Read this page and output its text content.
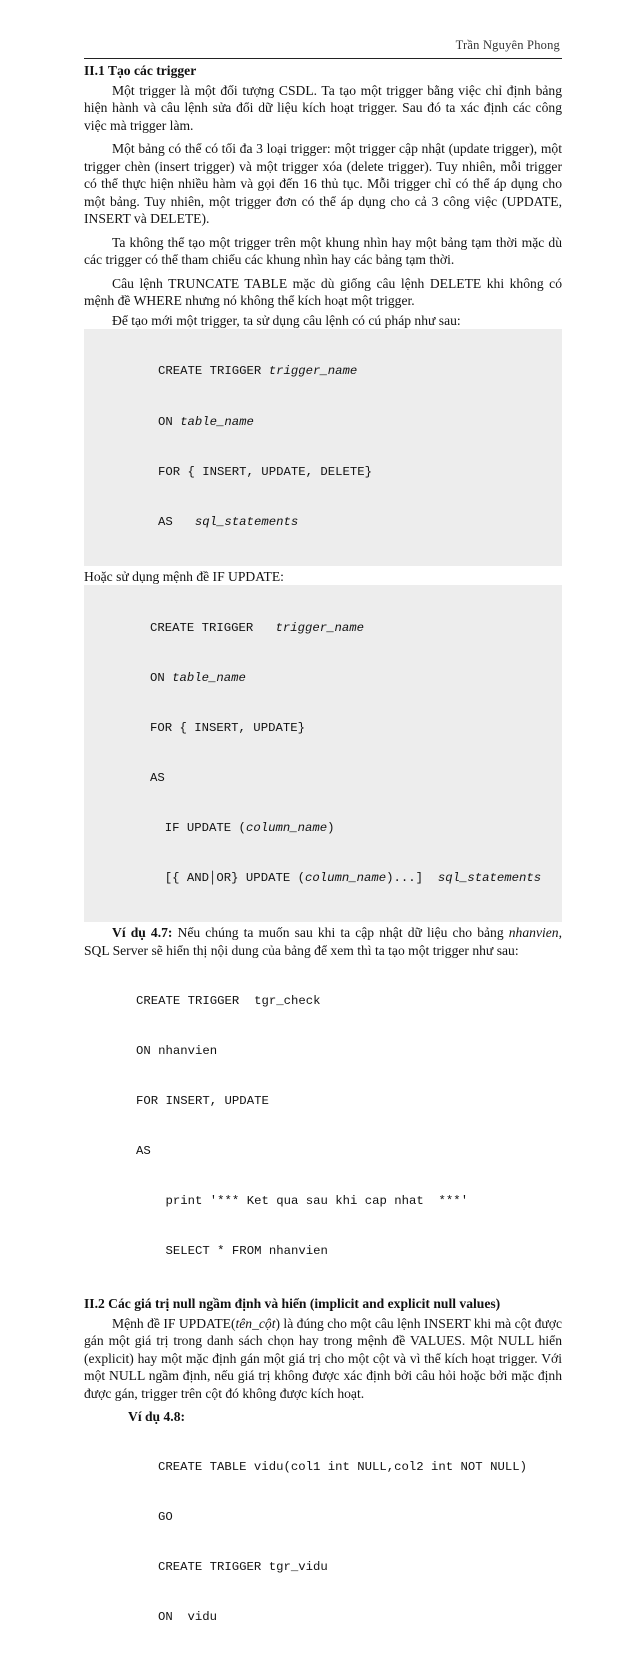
Trần Nguyên Phong
II.1 Tạo các trigger

Một trigger là một đối tượng CSDL. Ta tạo một trigger bằng việc chỉ định bảng hiện hành và câu lệnh sửa đổi dữ liệu kích hoạt trigger. Sau đó ta xác định các công việc mà trigger làm.

Một bảng có thể có tối đa 3 loại trigger: một trigger cập nhật (update trigger), một trigger chèn (insert trigger) và một trigger xóa (delete trigger). Tuy nhiên, mỗi trigger có thể thực hiện nhiều hàm và gọi đến 16 thủ tục. Mỗi trigger chỉ có thể áp dụng cho một bảng. Tuy nhiên, một trigger đơn có thể áp dụng cho cả 3 công việc (UPDATE, INSERT và DELETE).

Ta không thể tạo một trigger trên một khung nhìn hay một bảng tạm thời mặc dù các trigger có thể tham chiếu các khung nhìn hay các bảng tạm thời.

Câu lệnh TRUNCATE TABLE mặc dù giống câu lệnh DELETE khi không có mệnh đề WHERE nhưng nó không thể kích hoạt một trigger.

Để tạo mới một trigger, ta sử dụng câu lệnh có cú pháp như sau:

CREATE TRIGGER trigger_name

ON table_name

FOR { INSERT, UPDATE, DELETE}

AS   sql_statements

Hoặc sử dụng mệnh đề IF UPDATE:

CREATE TRIGGER   trigger_name

ON table_name

FOR { INSERT, UPDATE}

AS

IF UPDATE (column_name)

[{ AND│OR} UPDATE (column_name)...]  sql_statements

Ví dụ 4.7: Nếu chúng ta muốn sau khi ta cập nhật dữ liệu cho bảng nhanvien, SQL Server sẽ hiển thị nội dung của bảng để xem thì ta tạo một trigger như sau:

CREATE TRIGGER  tgr_check

ON nhanvien

FOR INSERT, UPDATE

AS

print '*** Ket qua sau khi cap nhat  ***'

SELECT * FROM nhanvien

II.2 Các giá trị null ngầm định và hiển (implicit and explicit null values)

Mệnh đề IF UPDATE(tên_cột) là đúng cho một câu lệnh INSERT khi mà cột được gán một giá trị trong danh sách chọn hay trong mệnh đề VALUES. Một NULL hiển (explicit) hay một mặc định gán một giá trị cho một cột và vì thế kích hoạt trigger. Với một NULL ngầm định, nếu giá trị không được xác định bởi câu hỏi hoặc bởi mặc định được gán, trigger trên cột đó không được kích hoạt.

Ví dụ 4.8:

CREATE TABLE vidu(col1 int NULL,col2 int NOT NULL)

GO

CREATE TRIGGER tgr_vidu

ON  vidu
